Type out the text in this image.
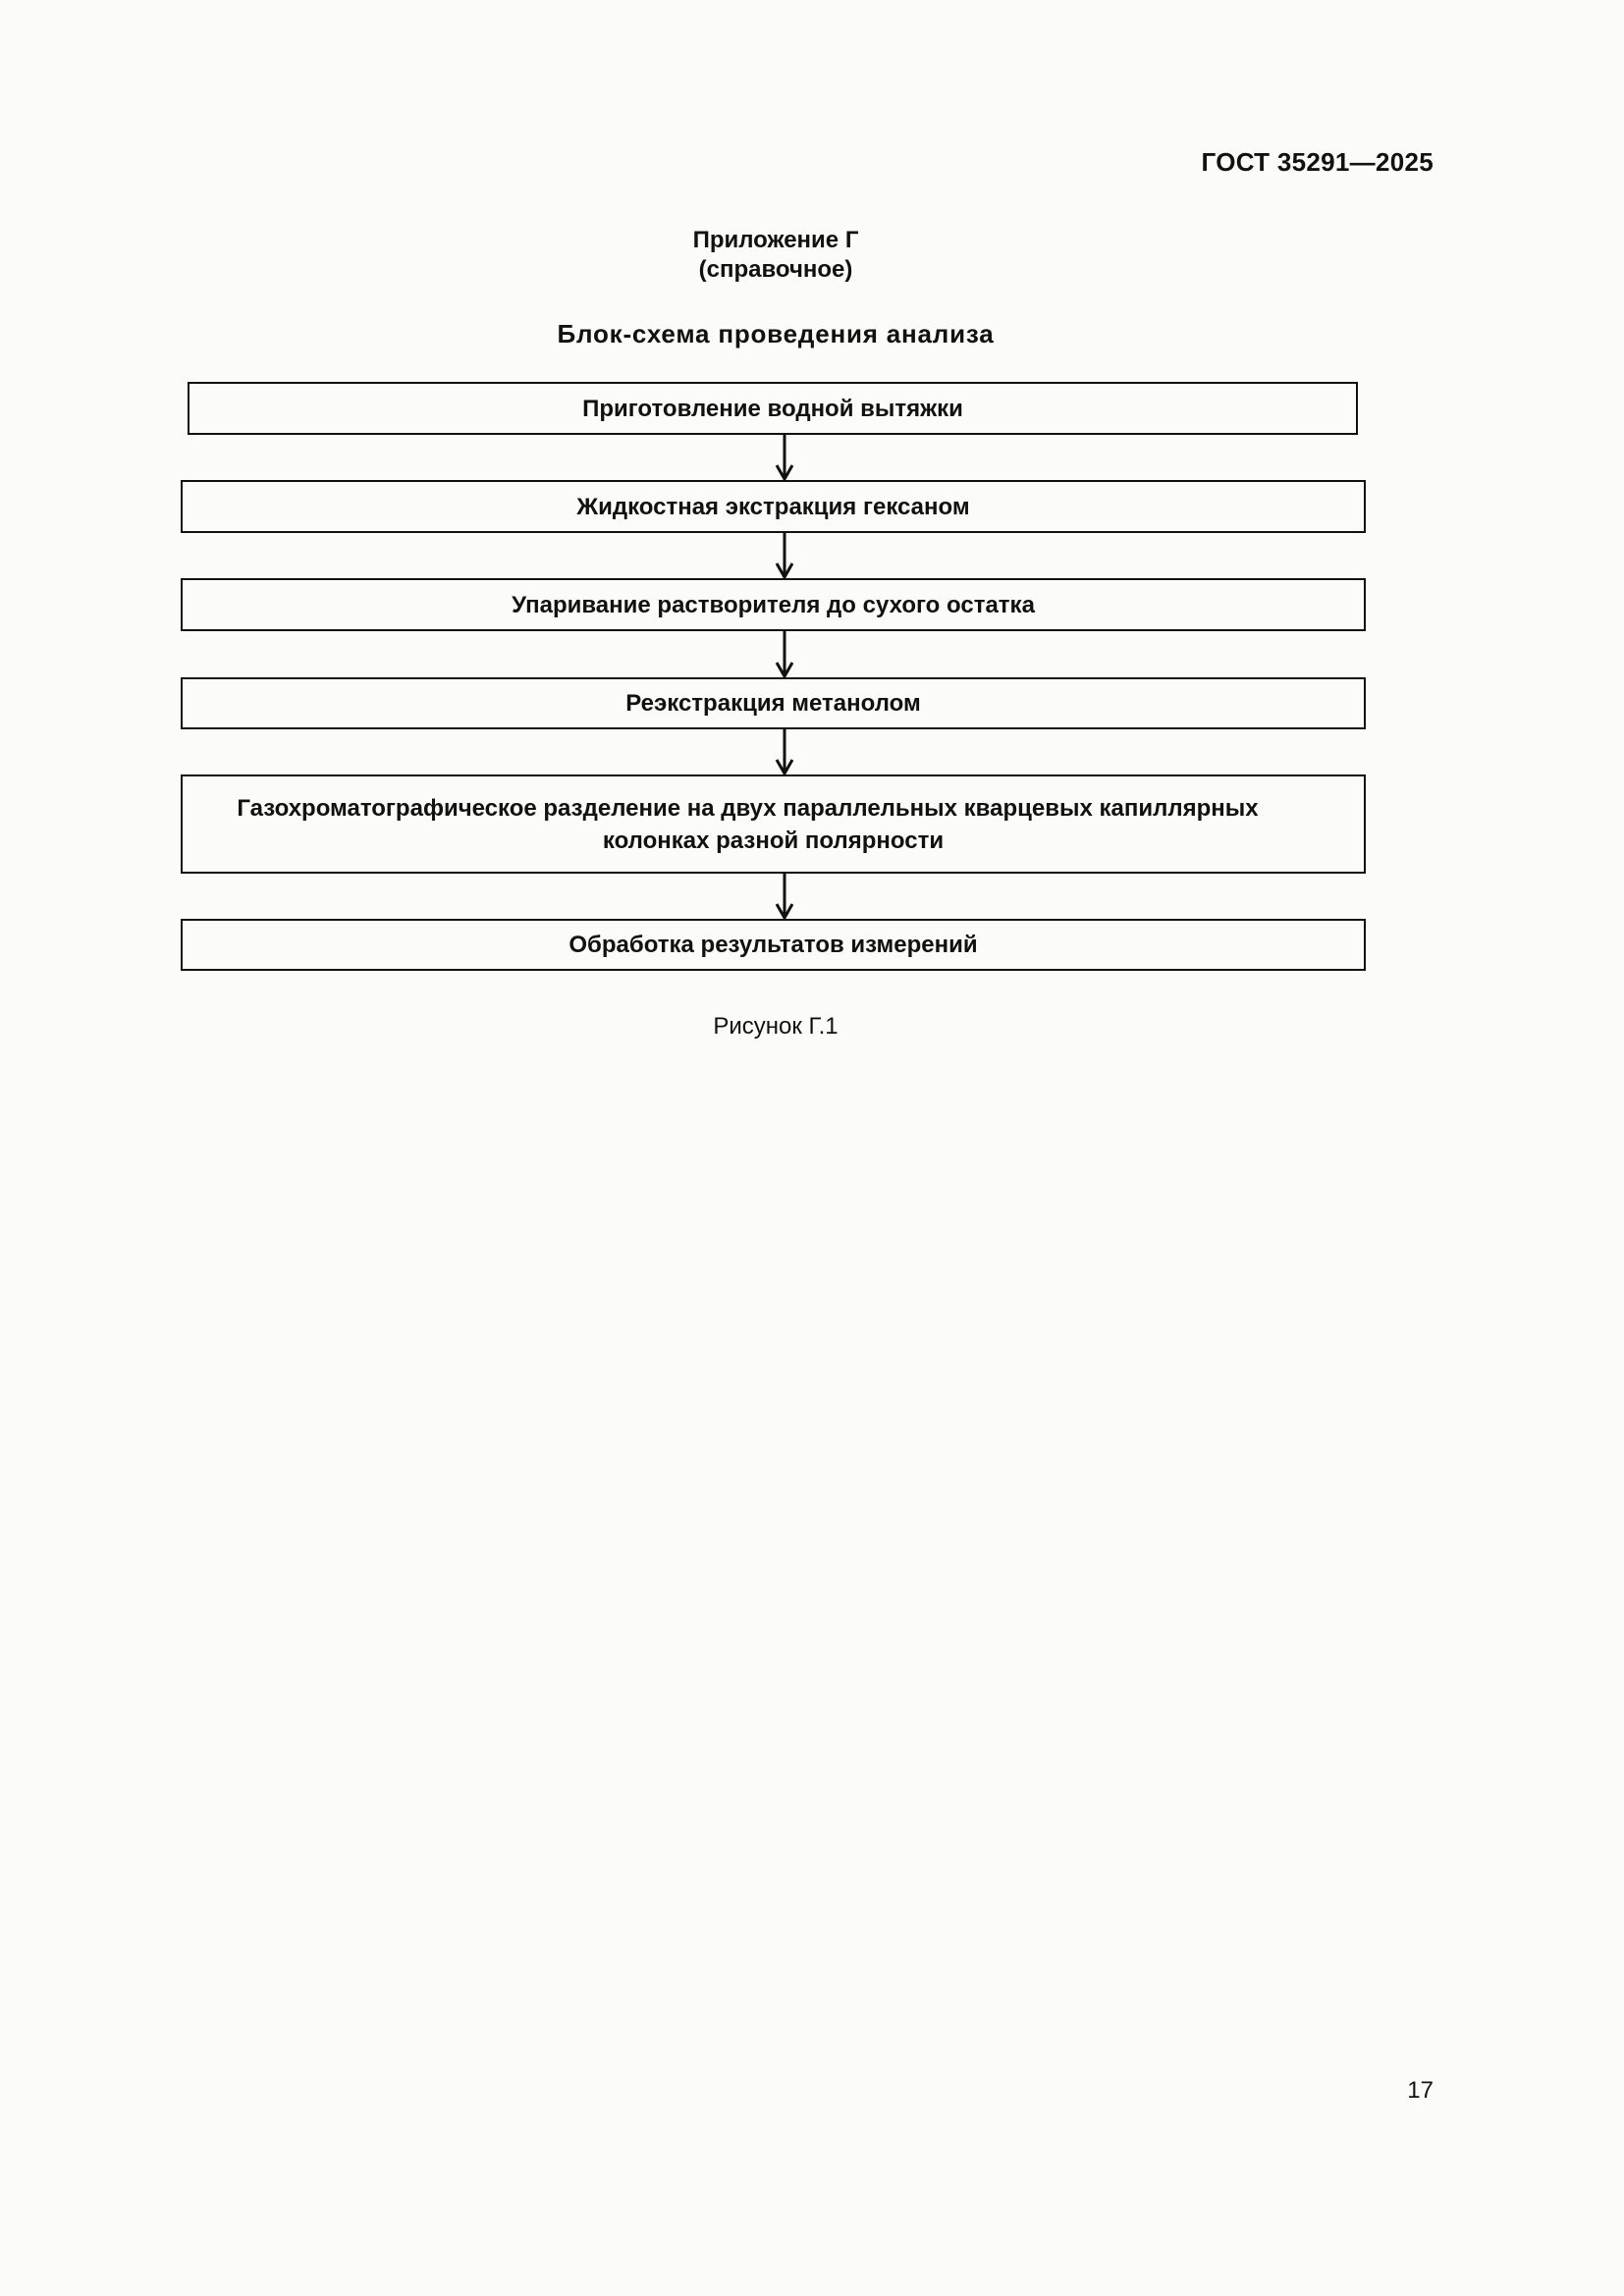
ГОСТ 35291—2025
Приложение Г
(справочное)
Блок-схема проведения анализа
Приготовление водной вытяжки
Жидкостная экстракция гексаном
Упаривание растворителя до сухого остатка
Реэкстракция метанолом
Газохроматографическое разделение на двух параллельных кварцевых капиллярных
колонках разной полярности
Обработка результатов измерений
Рисунок Г.1
17
